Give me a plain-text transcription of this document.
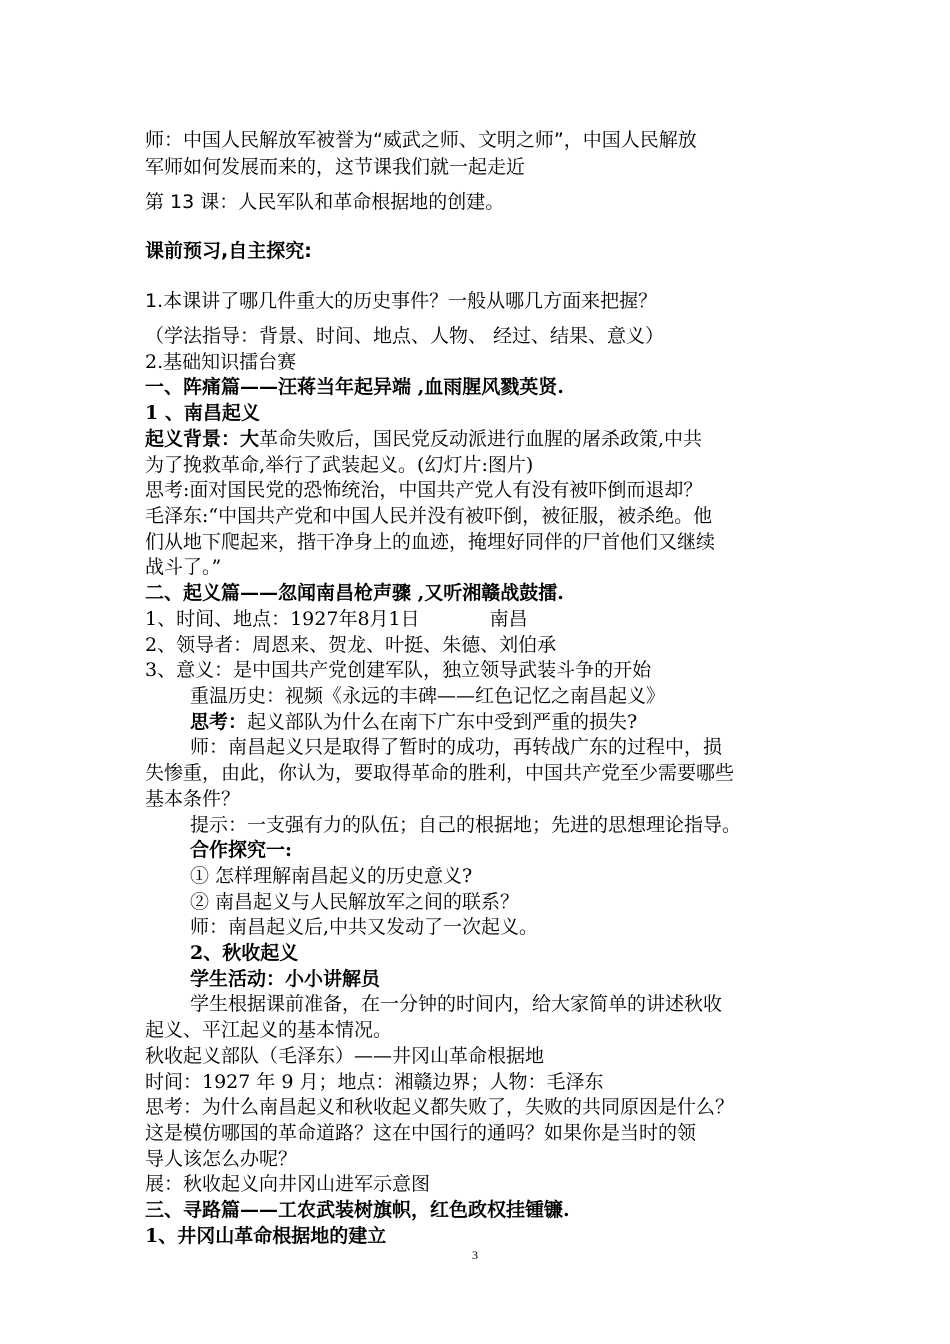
师：中国人民解放军被誉为“威武之师、文明之师”，中国人民解放

军师如何发展而来的，这节课我们就一起走近

第 13 课：人民军队和革命根据地的创建。

课前预习,自主探究:

1.本课讲了哪几件重大的历史事件？一般从哪几方面来把握？

（学法指导：背景、时间、地点、人物、 经过、结果、意义）

2.基础知识擂台赛

一、阵痛篇——汪蒋当年起异端 ,血雨腥风戮英贤.

1 、南昌起义

起义背景：大革命失败后，国民党反动派进行血腥的屠杀政策,中共

为了挽救革命,举行了武装起义。(幻灯片:图片)

思考:面对国民党的恐怖统治，中国共产党人有没有被吓倒而退却？

毛泽东:“中国共产党和中国人民并没有被吓倒，被征服，被杀绝。他

们从地下爬起来，揩干净身上的血迹，掩埋好同伴的尸首他们又继续

战斗了。”

二、起义篇——忽闻南昌枪声骤 ,又听湘赣战鼓擂.

1、时间、地点：1927年8月1日	南昌

2、领导者：周恩来、贺龙、叶挺、朱德、刘伯承

3、意义：是中国共产党创建军队，独立领导武装斗争的开始

重温历史：视频《永远的丰碑——红色记忆之南昌起义》

思考：起义部队为什么在南下广东中受到严重的损失?

师：南昌起义只是取得了暂时的成功，再转战广东的过程中，损

失惨重，由此，你认为，要取得革命的胜利，中国共产党至少需要哪些

基本条件？

提示：一支强有力的队伍；自己的根据地；先进的思想理论指导。

合作探究一:

① 怎样理解南昌起义的历史意义?

② 南昌起义与人民解放军之间的联系？

师：南昌起义后,中共又发动了一次起义。

2、秋收起义

学生活动：小小讲解员

学生根据课前准备，在一分钟的时间内，给大家简单的讲述秋收

起义、平江起义的基本情况。

秋收起义部队（毛泽东）——井冈山革命根据地

时间：1927 年 9 月；地点：湘赣边界；人物：毛泽东

思考：为什么南昌起义和秋收起义都失败了，失败的共同原因是什么？

这是模仿哪国的革命道路？这在中国行的通吗？如果你是当时的领

导人该怎么办呢？

展：秋收起义向井冈山进军示意图

三、寻路篇——工农武装树旗帜，红色政权挂锺镰.

1、井冈山革命根据地的建立

3
